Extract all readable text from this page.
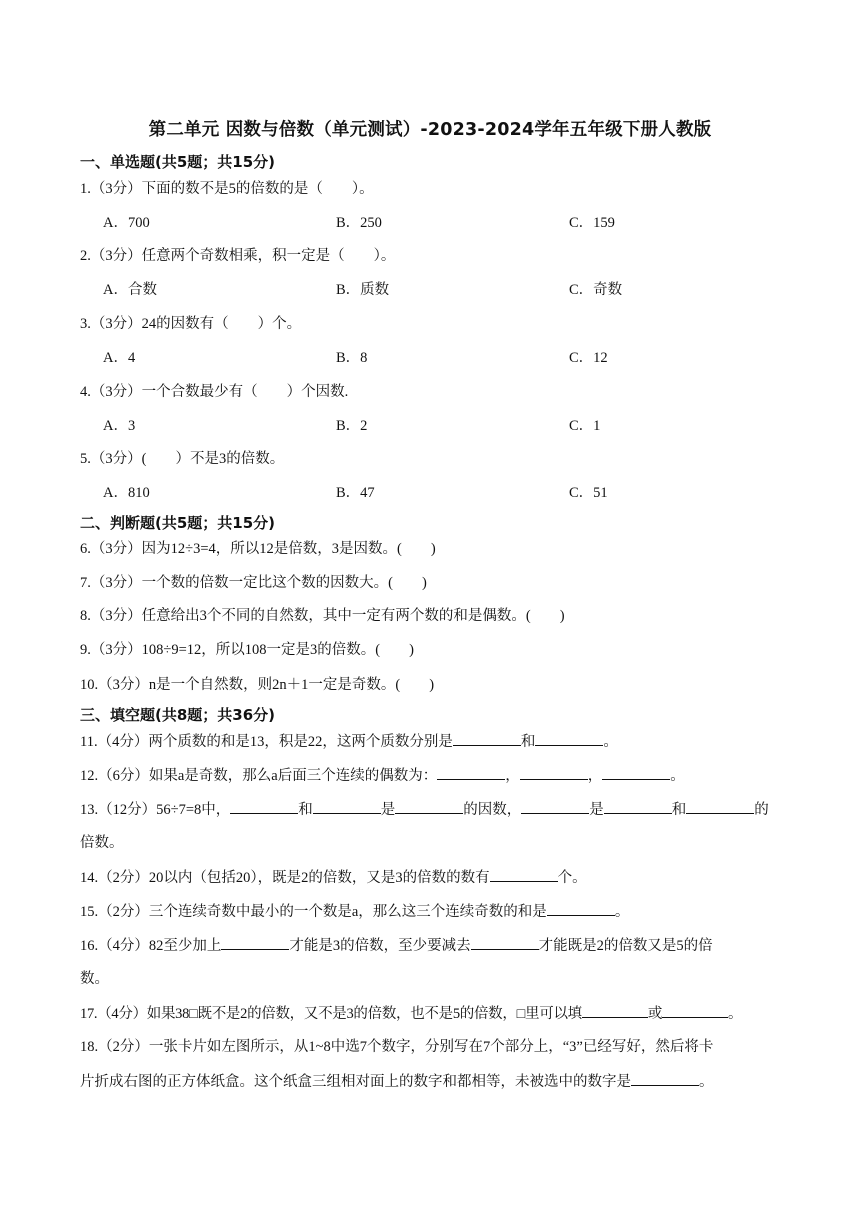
第二单元 因数与倍数（单元测试）-2023-2024学年五年级下册人教版
一、单选题(共5题；共15分)
1.（3分）下面的数不是5的倍数的是（　　）。
A．700	B．250	C．159
2.（3分）任意两个奇数相乘，积一定是（　　）。
A．合数	B．质数	C．奇数
3.（3分）24的因数有（　　）个。
A．4	B．8	C．12
4.（3分）一个合数最少有（　　）个因数.
A．3	B．2	C．1
5.（3分）(　　）不是3的倍数。
A．810	B．47	C．51
二、判断题(共5题；共15分)
6.（3分）因为12÷3=4，所以12是倍数，3是因数。(　　)
7.（3分）一个数的倍数一定比这个数的因数大。(　　)
8.（3分）任意给出3个不同的自然数，其中一定有两个数的和是偶数。(　　)
9.（3分）108÷9=12，所以108一定是3的倍数。(　　)
10.（3分）n是一个自然数，则2n＋1一定是奇数。(　　)
三、填空题(共8题；共36分)
11.（4分）两个质数的和是13，积是22，这两个质数分别是	和	。
12.（6分）如果a是奇数，那么a后面三个连续的偶数为：	，	，	。
13.（12分）56÷7=8中，	和	是	的因数，	是	和	的
倍数。
14.（2分）20以内（包括20），既是2的倍数，又是3的倍数的数有	个。
15.（2分）三个连续奇数中最小的一个数是a，那么这三个连续奇数的和是	。
16.（4分）82至少加上	才能是3的倍数，至少要减去	才能既是2的倍数又是5的倍
数。
17.（4分）如果38□既不是2的倍数，又不是3的倍数，也不是5的倍数，□里可以填	或	。
18.（2分）一张卡片如左图所示，从1~8中选7个数字，分别写在7个部分上，“3”已经写好，然后将卡
片折成右图的正方体纸盒。这个纸盒三组相对面上的数字和都相等，未被选中的数字是	。
